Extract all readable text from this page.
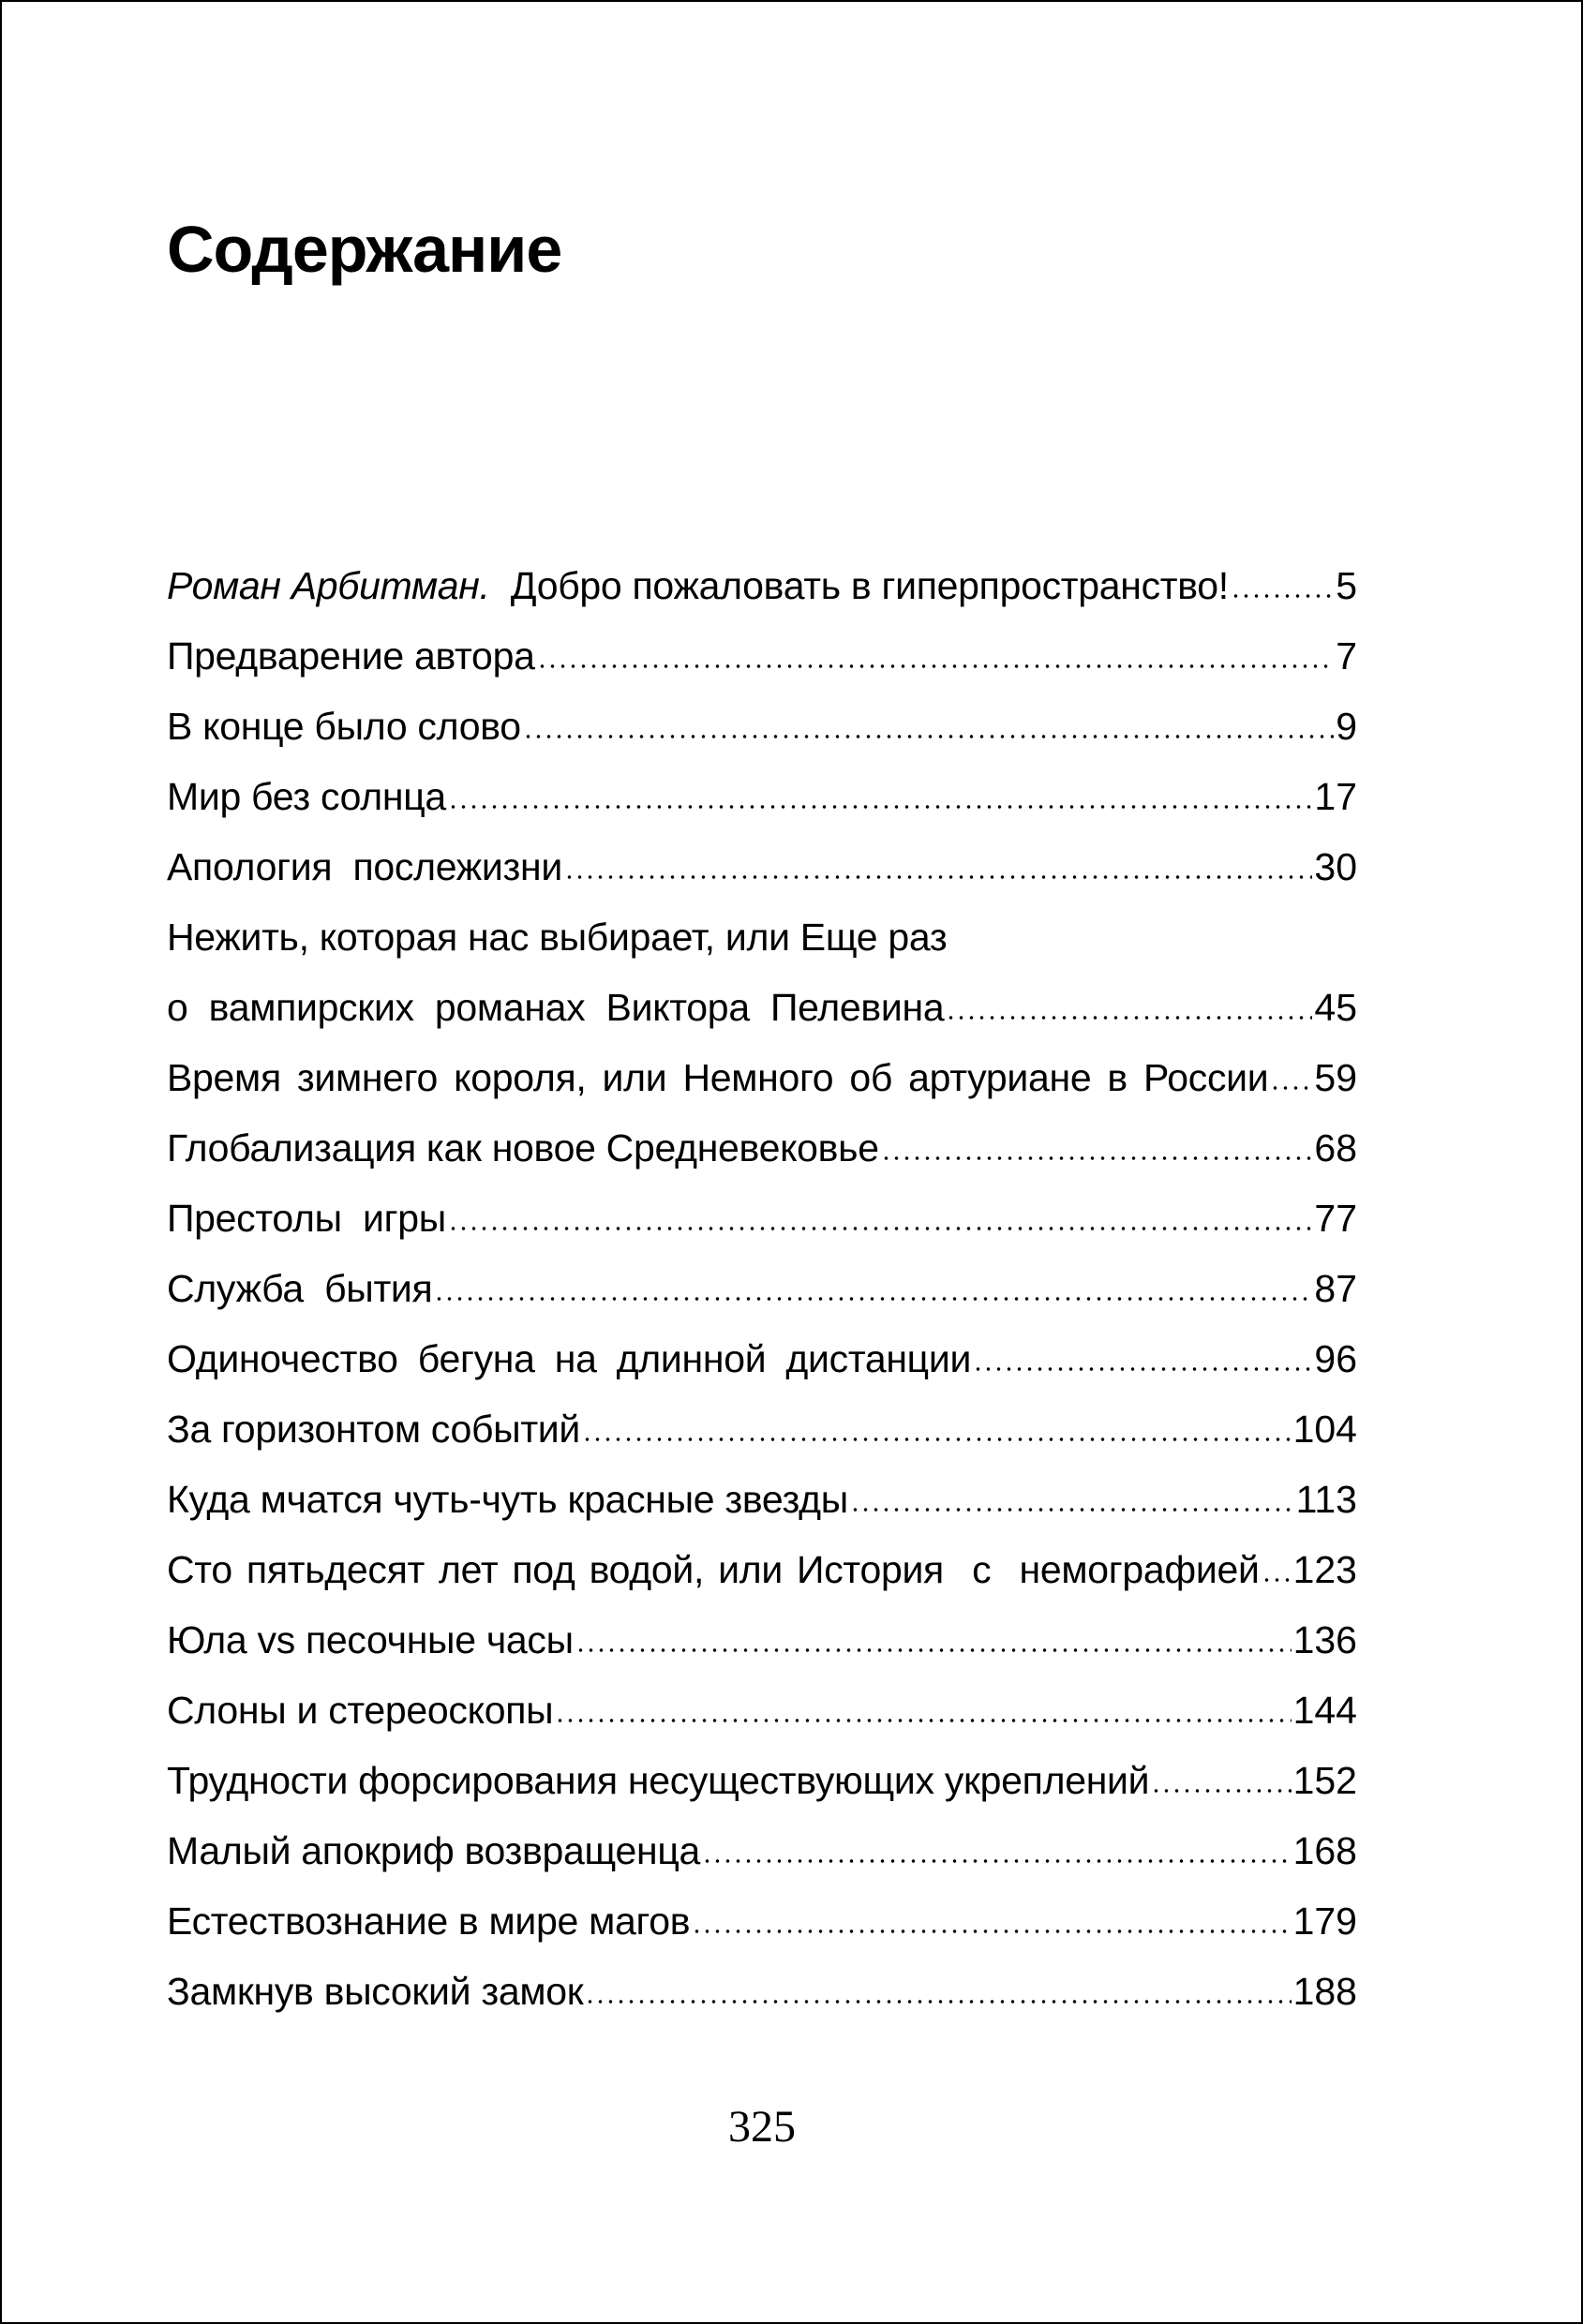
Содержание
Роман Арбитман.  Добро пожаловать в гиперпространство!	5
Предварение автора	7
В конце было слово	9
Мир без солнца	17
Апология  послежизни	30
Нежить, которая нас выбирает, или Еще раз
о  вампирских  романах  Виктора  Пелевина	45
Время зимнего короля, или Немного об артуриане в России 59
Глобализация как новое Средневековье	68
Престолы  игры	77
Служба  бытия	87
Одиночество бегуна на длинной дистанции	96
За горизонтом событий	104
Куда мчатся чуть-чуть красные звезды	113
Сто пятьдесят лет под водой, или История  с  немографией 123
Юла vs песочные часы	136
Слоны и стереоскопы	144
Трудности форсирования несуществующих укреплений	152
Малый апокриф возвращенца	168
Естествознание в мире магов	179
Замкнув высокий замок	188
325
